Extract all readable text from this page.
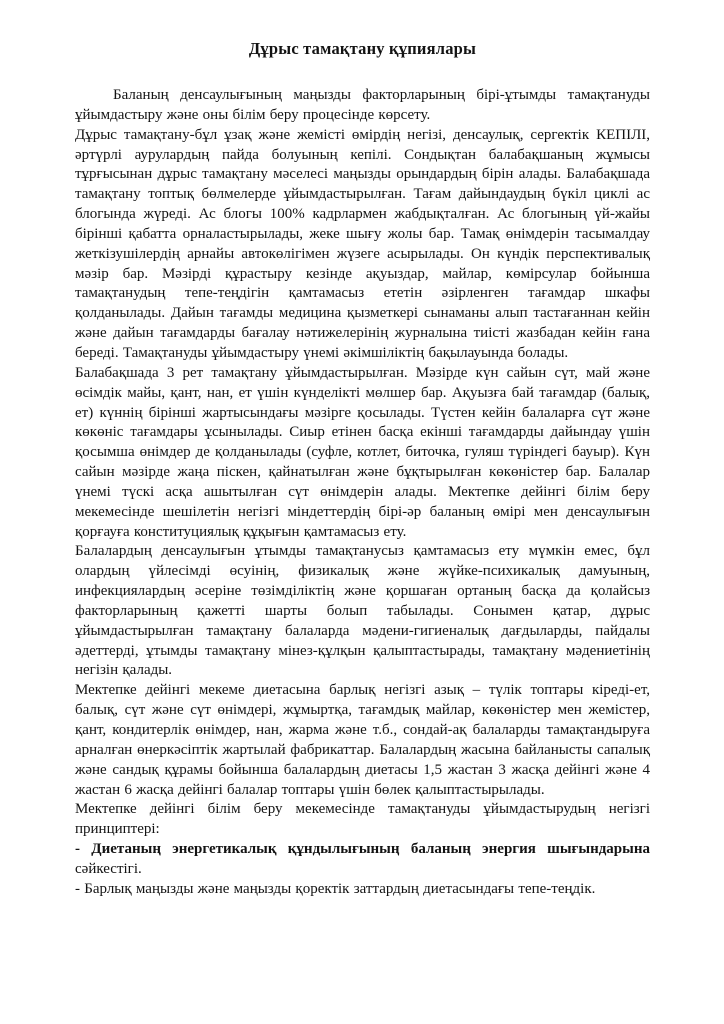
Дұрыс тамақтану құпиялары

Баланың денсаулығының маңызды факторларының бірі-ұтымды тамақтануды ұйымдастыру және оны білім беру процесінде көрсету.

Дұрыс тамақтану-бұл ұзақ және жемісті өмірдің негізі, денсаулық, сергектік КЕПІЛІ, әртүрлі аурулардың пайда болуының кепілі. Сондықтан балабақшаның жұмысы тұрғысынан дұрыс тамақтану мәселесі маңызды орындардың бірін алады. Балабақшада тамақтану топтық бөлмелерде ұйымдастырылған. Тағам дайындаудың бүкіл циклі ас блогында жүреді. Ас блогы 100% кадрлармен жабдықталған. Ас блогының үй-жайы бірінші қабатта орналастырылады, жеке шығу жолы бар. Тамақ өнімдерін тасымалдау жеткізушілердің арнайы автокөлігімен жүзеге асырылады. Он күндік перспективалық мәзір бар. Мәзірді құрастыру кезінде ақуыздар, майлар, көмірсулар бойынша тамақтанудың тепе-теңдігін қамтамасыз ететін әзірленген тағамдар шкафы қолданылады. Дайын тағамды медицина қызметкері сынаманы алып тастағаннан кейін және дайын тағамдарды бағалау нәтижелерінің журналына тиісті жазбадан кейін ғана береді. Тамақтануды ұйымдастыру үнемі әкімшіліктің бақылауында болады.

Балабақшада 3 рет тамақтану ұйымдастырылған. Мәзірде күн сайын сүт, май және өсімдік майы, қант, нан, ет үшін күнделікті мөлшер бар. Ақуызға бай тағамдар (балық, ет) күннің бірінші жартысындағы мәзірге қосылады. Түстен кейін балаларға сүт және көкөніс тағамдары ұсынылады. Сиыр етінен басқа екінші тағамдарды дайындау үшін қосымша өнімдер де қолданылады (суфле, котлет, биточка, гуляш түріндегі бауыр). Күн сайын мәзірде жаңа піскен, қайнатылған және бұқтырылған көкөністер бар. Балалар үнемі түскі асқа ашытылған сүт өнімдерін алады. Мектепке дейінгі білім беру мекемесінде шешілетін негізгі міндеттердің бірі-әр баланың өмірі мен денсаулығын қорғауға конституциялық құқығын қамтамасыз ету.

Балалардың денсаулығын ұтымды тамақтанусыз қамтамасыз ету мүмкін емес, бұл олардың үйлесімді өсуінің, физикалық және жүйке-психикалық дамуының, инфекциялардың әсеріне төзімділіктің және қоршаған ортаның басқа да қолайсыз факторларының қажетті шарты болып табылады. Сонымен қатар, дұрыс ұйымдастырылған тамақтану балаларда мәдени-гигиеналық дағдыларды, пайдалы әдеттерді, ұтымды тамақтану мінез-құлқын қалыптастырады, тамақтану мәдениетінің негізін қалады.

Мектепке дейінгі мекеме диетасына барлық негізгі азық – түлік топтары кіреді-ет, балық, сүт және сүт өнімдері, жұмыртқа, тағамдық майлар, көкөністер мен жемістер, қант, кондитерлік өнімдер, нан, жарма және т.б., сондай-ақ балаларды тамақтандыруға арналған өнеркәсіптік жартылай фабрикаттар. Балалардың жасына байланысты сапалық және сандық құрамы бойынша балалардың диетасы 1,5 жастан 3 жасқа дейінгі және 4 жастан 6 жасқа дейінгі балалар топтары үшін бөлек қалыптастырылады.

Мектепке дейінгі білім беру мекемесінде тамақтануды ұйымдастырудың негізгі принциптері:

- Диетаның энергетикалық құндылығының баланың энергия шығындарына сәйкестігі.

- Барлық маңызды және маңызды қоректік заттардың диетасындағы тепе-теңдік.
